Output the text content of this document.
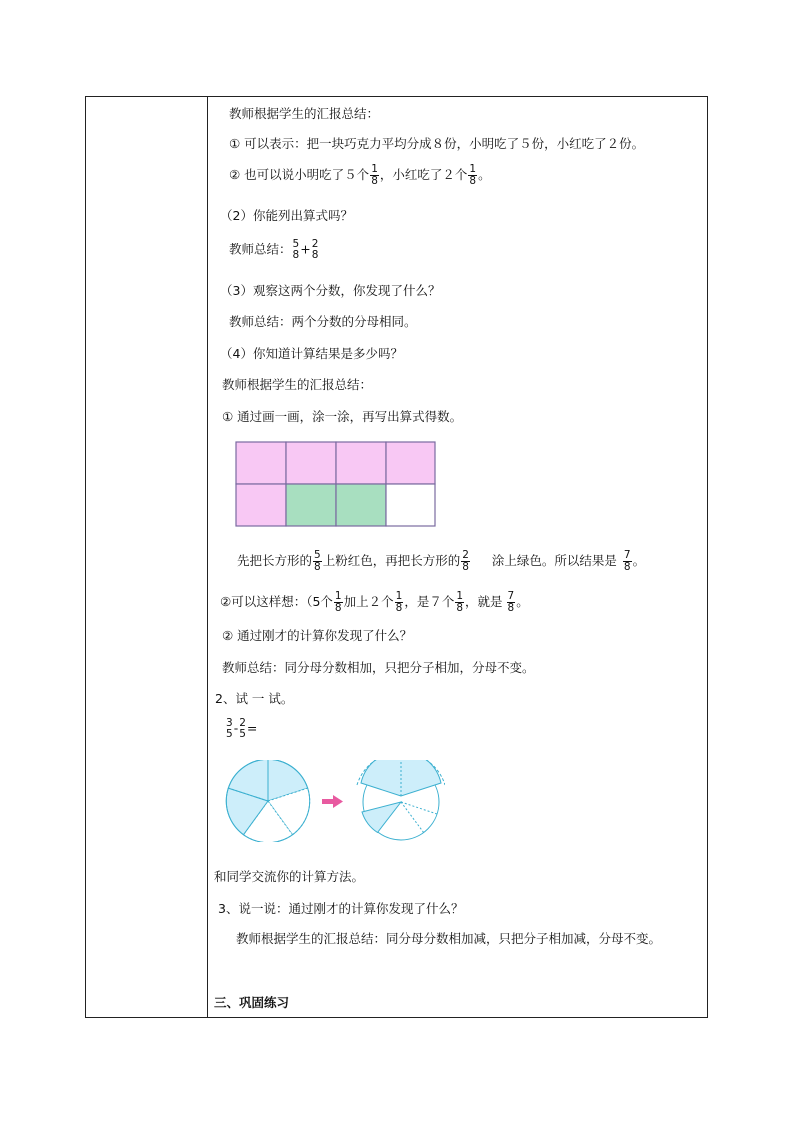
教师根据学生的汇报总结：
① 可以表示：把一块巧克力平均分成８份，小明吃了５份，小红吃了２份。
② 也可以说小明吃了５个 $\frac{1}{8}$ ，小红吃了２个 $\frac{1}{8}$ 。
（2）你能列出算式吗？
教师总结： 5
8 + 2
8
（3）观察这两个分数，你发现了什么？
教师总结：两个分数的分母相同。
（4）你知道计算结果是多少吗？
教师根据学生的汇报总结：
① 通过画一画，涂一涂，再写出算式得数。
先把长方形的 $\frac{5}{8}$ 上粉红色，再把长方形的 $\frac{2}{8}$ 涂上绿色。所以结果是 $\frac{7}{8}$ 。
②可以这样想：（5个 $\frac{1}{8}$ 加上２个 $\frac{1}{8}$ ，是７个 $\frac{1}{8}$ ，就是 $\frac{7}{8}$ 。
② 通过刚才的计算你发现了什么？
教师总结：同分母分数相加，只把分子相加，分母不变。
2、试 一 试。
3
5 - 2
5 =
和同学交流你的计算方法。
3、说一说：通过刚才的计算你发现了什么？
教师根据学生的汇报总结：同分母分数相加减，只把分子相加减，分母不变。
三、巩固练习
